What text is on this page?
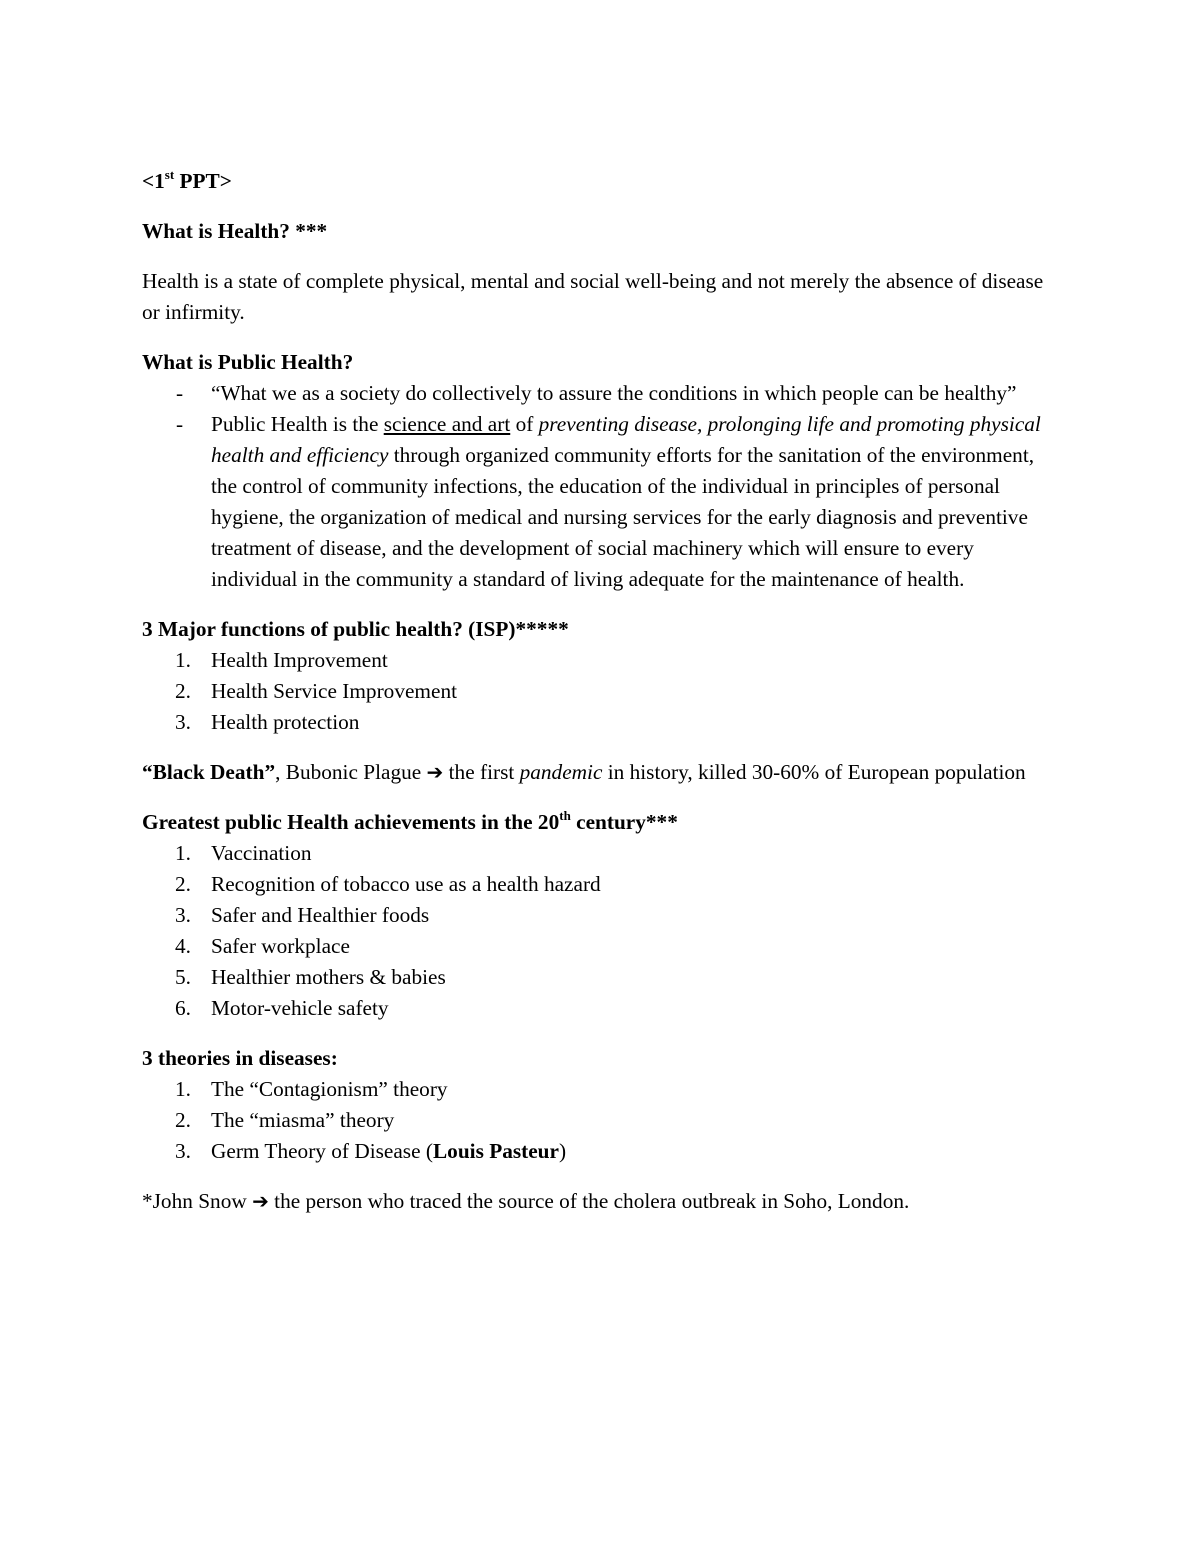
<1st PPT>

What is Health? ***

Health is a state of complete physical, mental and social well-being and not merely the absence of disease or infirmity.

What is Public Health?

- “What we as a society do collectively to assure the conditions in which people can be healthy”
- Public Health is the science and art of preventing disease, prolonging life and promoting physical health and efficiency through organized community efforts for the sanitation of the environment, the control of community infections, the education of the individual in principles of personal hygiene, the organization of medical and nursing services for the early diagnosis and preventive treatment of disease, and the development of social machinery which will ensure to every individual in the community a standard of living adequate for the maintenance of health.

3 Major functions of public health? (ISP)*****

1. Health Improvement
2. Health Service Improvement
3. Health protection

“Black Death”, Bubonic Plague ➔ the first pandemic in history, killed 30-60% of European population

Greatest public Health achievements in the 20th century***

1. Vaccination
2. Recognition of tobacco use as a health hazard
3. Safer and Healthier foods
4. Safer workplace
5. Healthier mothers & babies
6. Motor-vehicle safety

3 theories in diseases:

1. The “Contagionism” theory
2. The “miasma” theory
3. Germ Theory of Disease (Louis Pasteur)

*John Snow ➔ the person who traced the source of the cholera outbreak in Soho, London.
